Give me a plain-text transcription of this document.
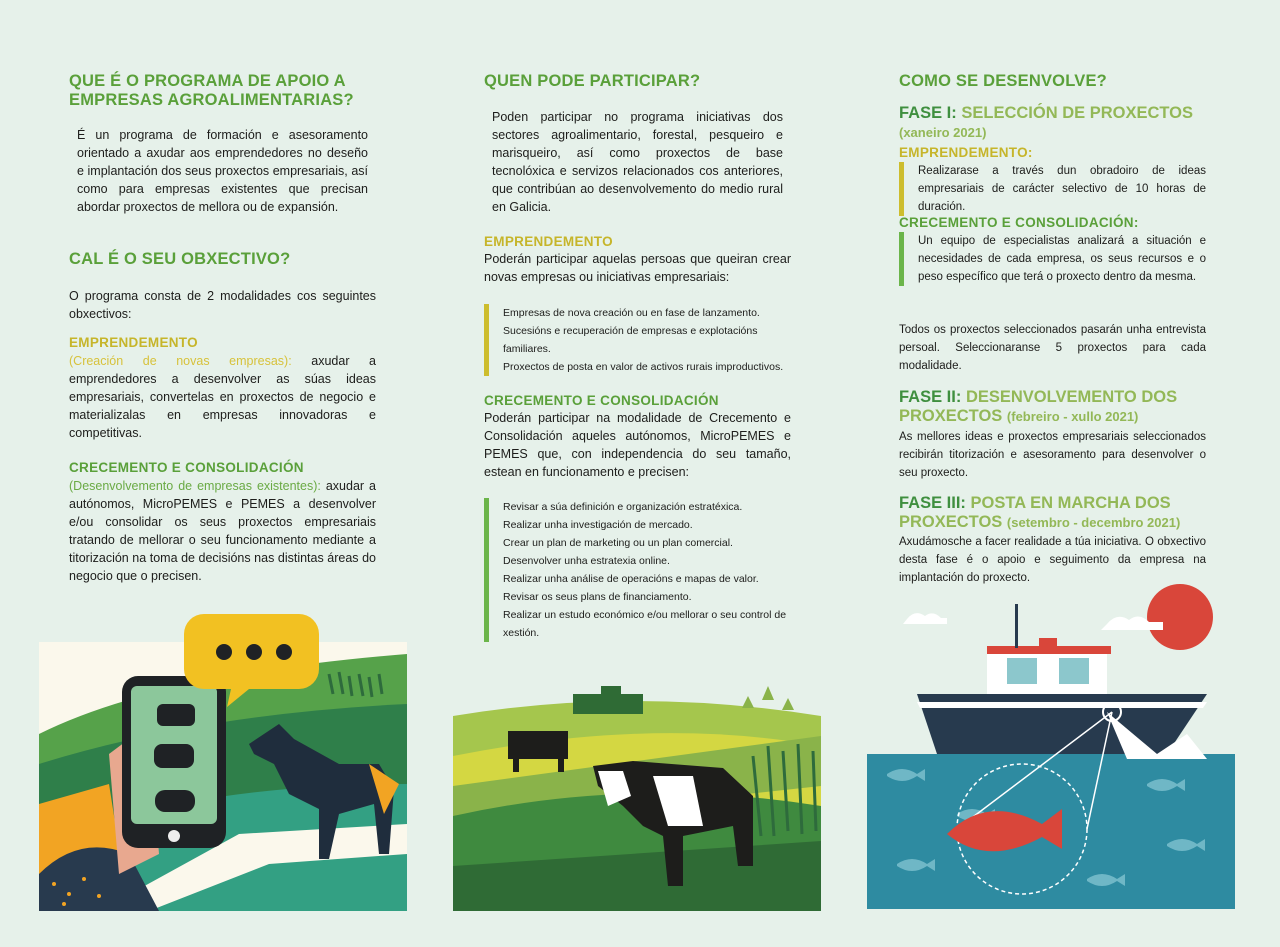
QUE É O PROGRAMA DE APOIO A EMPRESAS AGROALIMENTARIAS?

É un programa de formación e asesoramento orientado a axudar aos emprendedores no deseño e implantación dos seus proxectos empresariais, así como para empresas existentes que precisan abordar proxectos de mellora ou de expansión.

CAL É O SEU OBXECTIVO?

O programa consta de 2 modalidades cos seguintes obxectivos:

EMPRENDEMENTO

(Creación de novas empresas): axudar a emprendedores a desenvolver as súas ideas empresariais, convertelas en proxectos de negocio e materializalas en empresas innovadoras e competitivas.

CRECEMENTO E CONSOLIDACIÓN

(Desenvolvemento de empresas existentes): axudar a autónomos, MicroPEMES e PEMES a desenvolver e/ou consolidar os seus proxectos empresariais tratando de mellorar o seu funcionamento mediante a titorización na toma de decisións nas distintas áreas do negocio que o precisen.

QUEN PODE PARTICIPAR?

Poden participar no programa iniciativas dos sectores agroalimentario, forestal, pesqueiro e marisqueiro, así como proxectos de base tecnolóxica e servizos relacionados cos anteriores, que contribúan ao desenvolvemento do medio rural en Galicia.

EMPRENDEMENTO

Poderán participar aquelas persoas que queiran crear novas empresas ou iniciativas empresariais:

Empresas de nova creación ou en fase de lanzamento.

Sucesións e recuperación de empresas e explotacións familiares.

Proxectos de posta en valor de activos rurais improductivos.

CRECEMENTO E CONSOLIDACIÓN

Poderán participar na modalidade de Crecemento e Consolidación aqueles autónomos, MicroPEMES e PEMES que, con independencia do seu tamaño, estean en funcionamento e precisen:

Revisar a súa definición e organización estratéxica.

Realizar unha investigación de mercado.

Crear un plan de marketing ou un plan comercial.

Desenvolver unha estratexia online.

Realizar unha análise de operacións e mapas de valor.

Revisar os seus plans de financiamento.

Realizar un estudo económico e/ou mellorar o seu control de xestión.

COMO SE DESENVOLVE?

FASE I: SELECCIÓN DE PROXECTOS
(xaneiro 2021)

EMPRENDEMENTO:

Realizarase a través dun obradoiro de ideas empresariais de carácter selectivo de 10 horas de duración.

CRECEMENTO E CONSOLIDACIÓN:

Un equipo de especialistas analizará a situación e necesidades de cada empresa, os seus recursos e o peso específico que terá o proxecto dentro da mesma.

Todos os proxectos seleccionados pasarán unha entrevista persoal. Seleccionaranse 5 proxectos para cada modalidade.

FASE II: DESENVOLVEMENTO DOS PROXECTOS (febreiro - xullo 2021)

As mellores ideas e proxectos empresariais seleccionados recibirán titorización e asesoramento para desenvolver o seu proxecto.

FASE III: POSTA EN MARCHA DOS PROXECTOS (setembro - decembro 2021)

Axudámosche a facer realidade a túa iniciativa. O obxectivo desta fase é o apoio e seguimento da empresa na implantación do proxecto.
